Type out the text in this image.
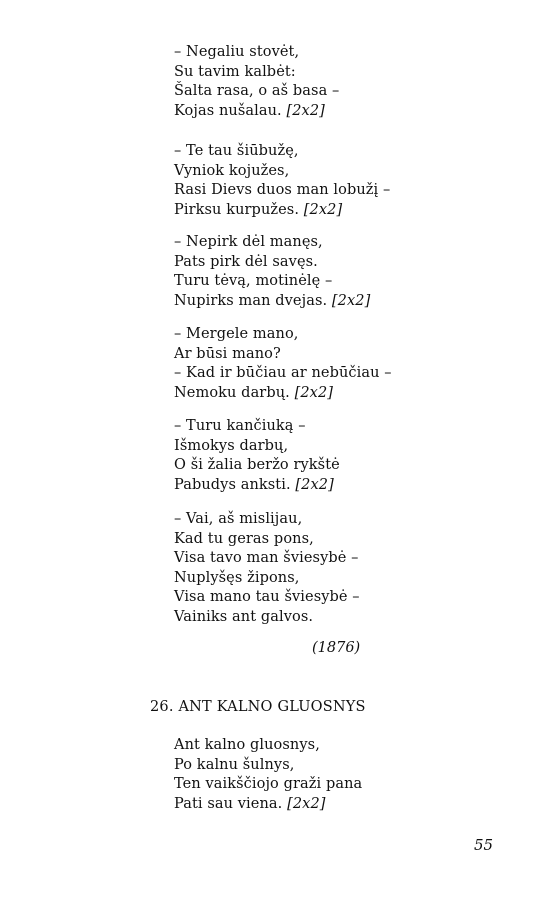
– Negaliu stovėt,
Su tavim kalbėt:
Šalta rasa, o aš basa –
Kojas nušalau. [2x2]
– Te tau šiūbužę,
Vyniok kojužes,
Rasi Dievs duos man lobužį –
Pirksu kurpužes. [2x2]
– Nepirk dėl manęs,
Pats pirk dėl savęs.
Turu tėvą, motinėlę –
Nupirks man dvejas. [2x2]
– Mergele mano,
Ar būsi mano?
– Kad ir būčiau ar nebūčiau –
Nemoku darbų. [2x2]
– Turu kančiuką –
Išmokys darbų,
O ši žalia beržo rykštė
Pabudys anksti. [2x2]
– Vai, aš mislijau,
Kad tu geras pons,
Visa tavo man šviesybė –
Nuplyšęs žipons,
Visa mano tau šviesybė –
Vainiks ant galvos.
(1876)
26. ANT KALNO GLUOSNYS
Ant kalno gluosnys,
Po kalnu šulnys,
Ten vaikščiojo graži pana
Pati sau viena. [2x2]
55
